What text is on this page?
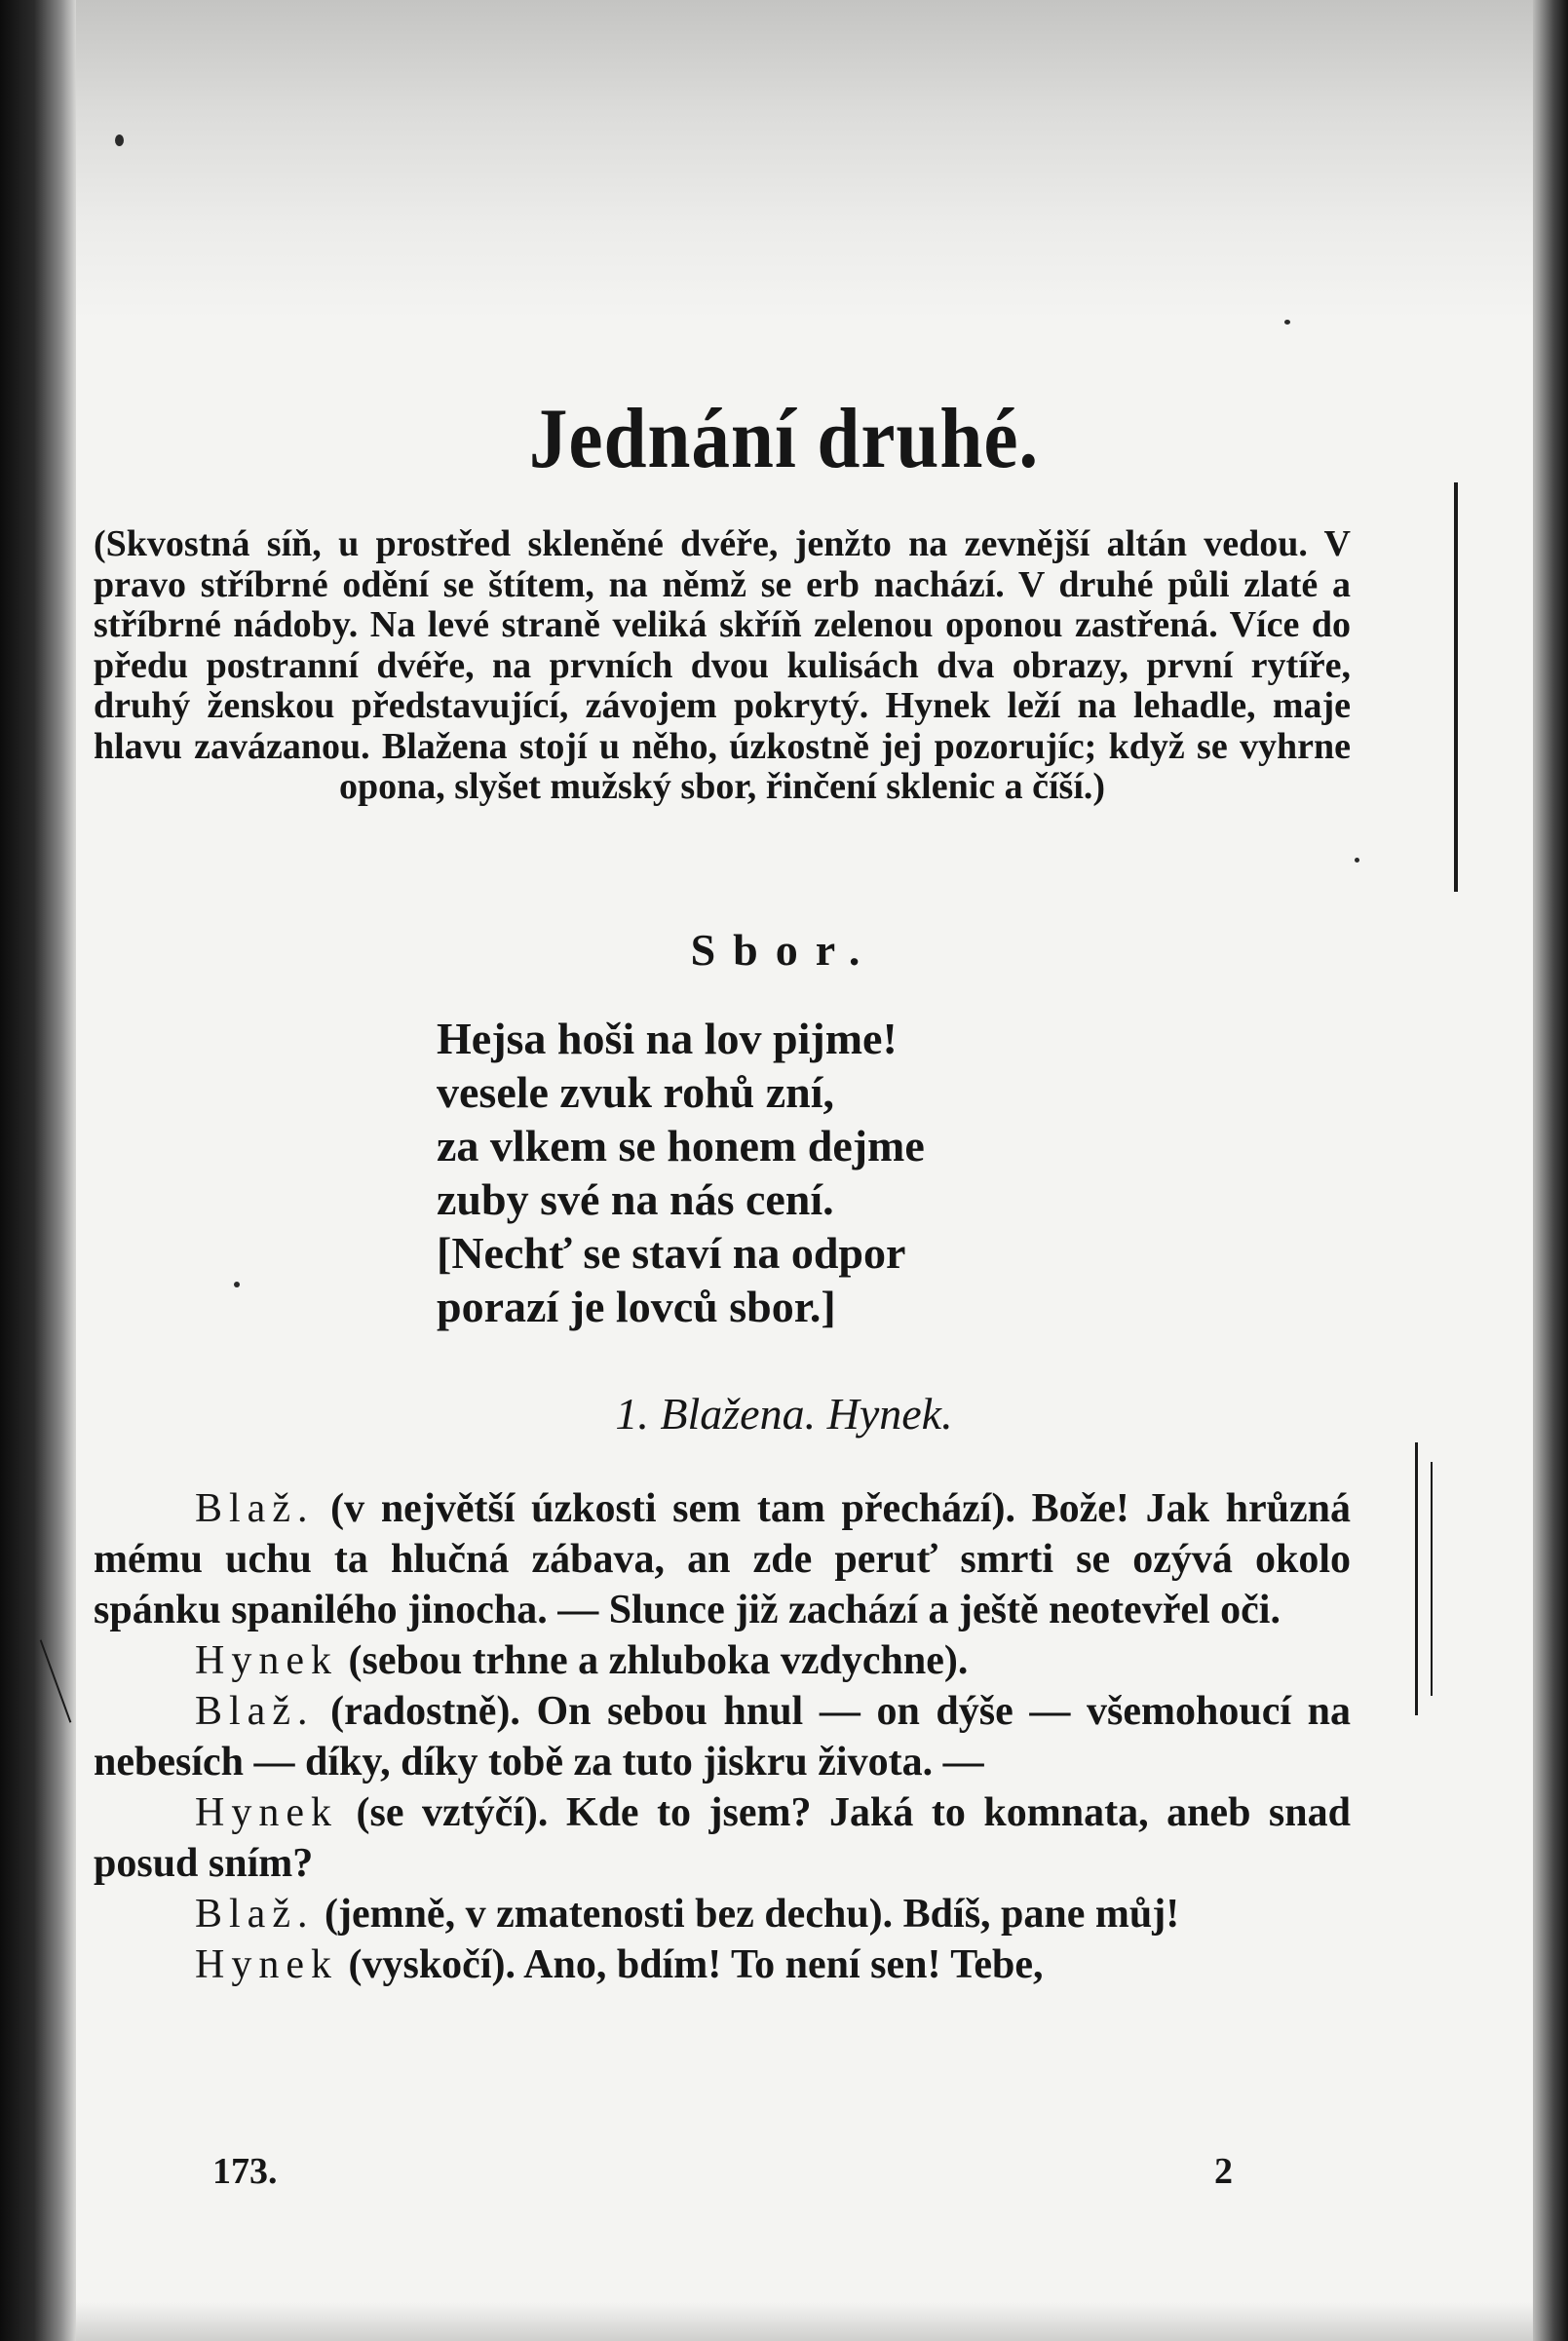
Jednání druhé.
(Skvostná síň, u prostřed skleněné dvéře, jenžto na zevnější altán vedou. V pravo stříbrné odění se štítem, na němž se erb nachází. V druhé půli zlaté a stříbrné nádoby. Na levé straně veliká skříň zelenou oponou zastřená. Více do předu postranní dvéře, na prvních dvou kulisách dva obrazy, první rytíře, druhý ženskou představující, závojem pokrytý. Hynek leží na lehadle, maje hlavu zavázanou. Blažena stojí u něho, úzkostně jej pozorujíc; když se vyhrne opona, slyšet mužský sbor, řinčení sklenic a číší.)
Sbor.
Hejsa hoši na lov pijme!
vesele zvuk rohů zní,
za vlkem se honem dejme
zuby své na nás cení.
[Nechť se staví na odpor
porazí je lovců sbor.]
1. Blažena. Hynek.

Blaž. (v největší úzkosti sem tam přechází). Bože! Jak hrůzná mému uchu ta hlučná zábava, an zde peruť smrti se ozývá okolo spánku spanilého jinocha. — Slunce již zachází a ještě neotevřel oči.

Hynek (sebou trhne a zhluboka vzdychne).

Blaž. (radostně). On sebou hnul — on dýše — všemohoucí na nebesích — díky, díky tobě za tuto jiskru života. —

Hynek (se vztýčí). Kde to jsem? Jaká to komnata, aneb snad posud sním?

Blaž. (jemně, v zmatenosti bez dechu). Bdíš, pane můj!

Hynek (vyskočí). Ano, bdím! To není sen! Tebe,

173.	2
